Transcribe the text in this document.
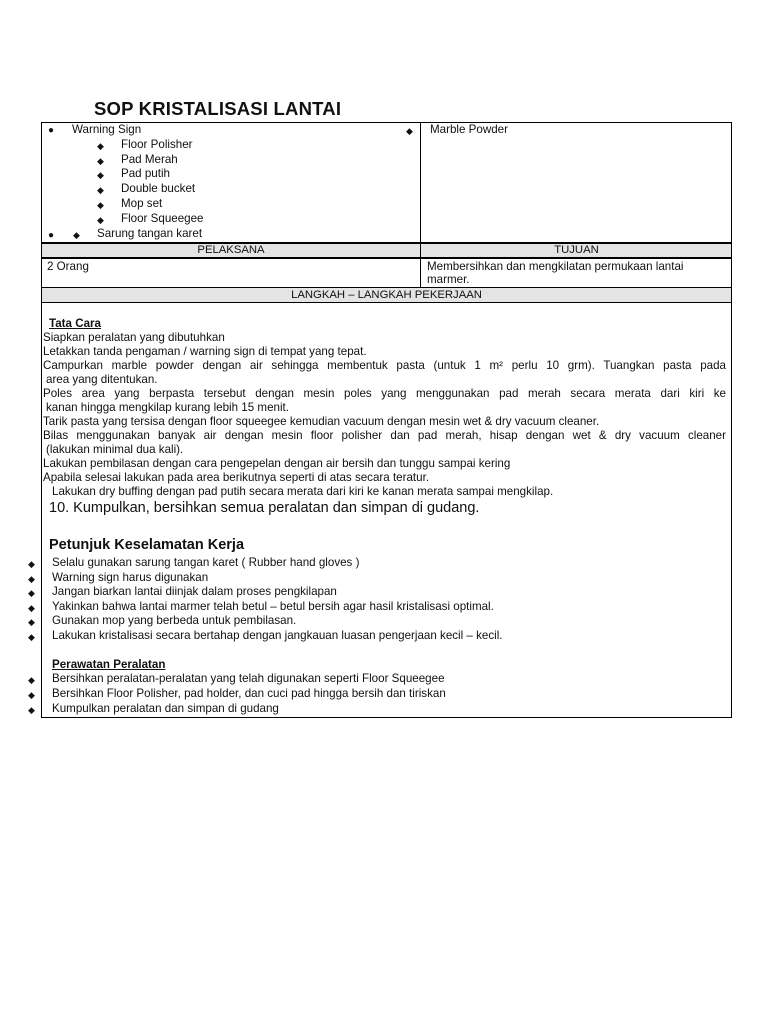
SOP KRISTALISASI LANTAI
● Warning Sign
◆ Floor Polisher
◆ Pad Merah
◆ Pad putih
◆ Double bucket
◆ Mop set
◆ Floor Squeegee
● ◆ Sarung tangan karet
◆ Marble Powder
PELAKSANA	TUJUAN
2 Orang	Membersihkan dan mengkilatan permukaan lantai
marmer.
LANGKAH – LANGKAH PEKERJAAN
Tata Cara
Siapkan peralatan yang dibutuhkan
Letakkan tanda pengaman / warning sign di tempat yang tepat.
Campurkan marble powder dengan air sehingga membentuk pasta (untuk 1 m² perlu 10 grm). Tuangkan pasta pada
area yang ditentukan.
Poles area yang berpasta tersebut dengan mesin poles yang menggunakan pad merah secara merata dari kiri ke
kanan hingga mengkilap kurang lebih 15 menit.
Tarik pasta yang tersisa dengan floor squeegee kemudian vacuum dengan mesin wet & dry vacuum cleaner.
Bilas menggunakan banyak air dengan mesin floor polisher dan pad merah, hisap dengan wet & dry vacuum cleaner
(lakukan minimal dua kali).
Lakukan pembilasan dengan cara pengepelan dengan air bersih dan tunggu sampai kering
Apabila selesai lakukan pada area berikutnya seperti di atas secara teratur.
Lakukan dry buffing dengan pad putih secara merata dari kiri ke kanan merata sampai mengkilap.
10. Kumpulkan, bersihkan semua peralatan dan simpan di gudang.
Petunjuk Keselamatan Kerja
◆ Selalu gunakan sarung tangan karet ( Rubber hand gloves )
◆ Warning sign harus digunakan
◆ Jangan biarkan lantai diinjak dalam proses pengkilapan
◆ Yakinkan bahwa lantai marmer telah betul – betul bersih agar hasil kristalisasi optimal.
◆ Gunakan mop yang berbeda untuk pembilasan.
◆ Lakukan kristalisasi secara bertahap dengan jangkauan luasan pengerjaan kecil – kecil.
Perawatan Peralatan
◆ Bersihkan peralatan-peralatan yang telah digunakan seperti Floor Squeegee
◆ Bersihkan Floor Polisher, pad holder, dan cuci pad hingga bersih dan tiriskan
◆ Kumpulkan peralatan dan simpan di gudang
